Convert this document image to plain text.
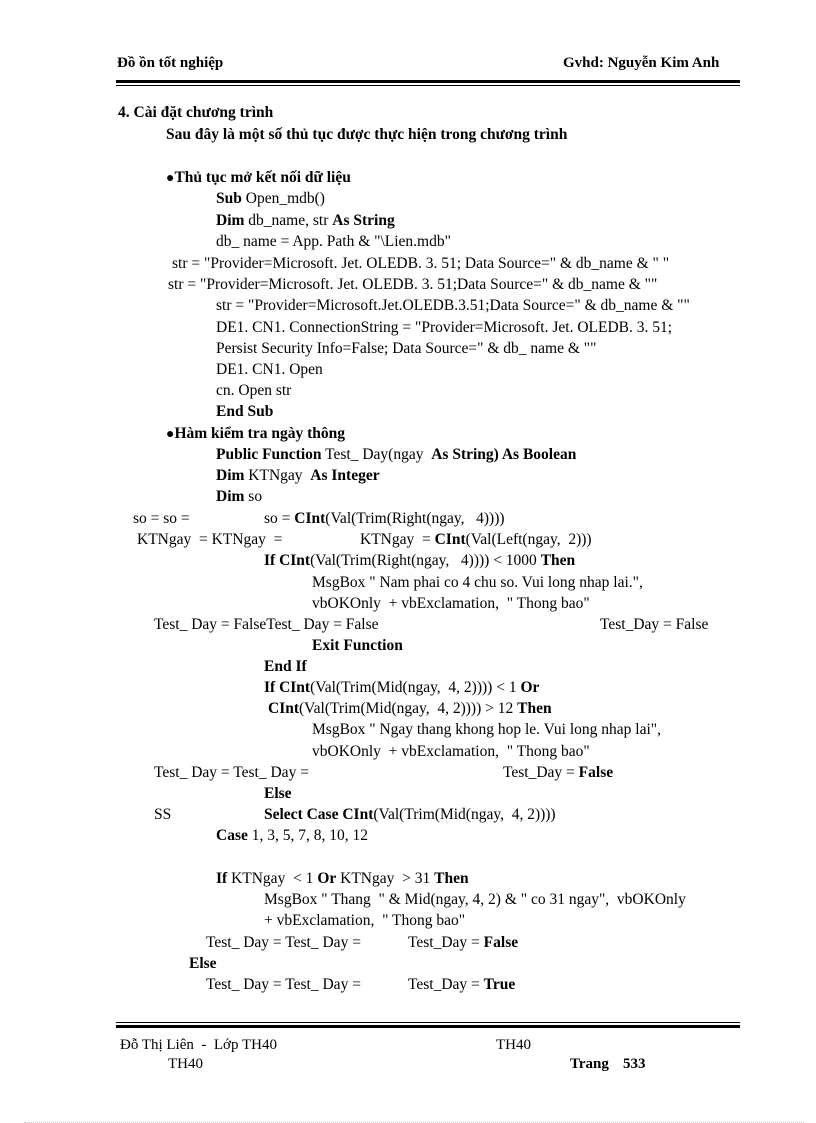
Đồ ồn tốt nghiệp	Gvhd: Nguyễn Kim Anh
4. Cài đặt chương trình
Sau đây là một số thủ tục được thực hiện trong chương trình
●Thủ tục mở kết nối dữ liệu
Sub Open_mdb()
Dim db_name, str As String
db_ name = App. Path & "\Lien.mdb"
str = "Provider=Microsoft. Jet. OLEDB. 3. 51; Data Source=" & db_name & " "
str = "Provider=Microsoft. Jet. OLEDB. 3. 51;Data Source=" & db_name & ""
str = "Provider=Microsoft.Jet.OLEDB.3.51;Data Source=" & db_name & ""
DE1. CN1. ConnectionString = "Provider=Microsoft. Jet. OLEDB. 3. 51;
Persist Security Info=False; Data Source=" & db_ name & ""
DE1. CN1. Open
cn. Open str
End Sub
●Hàm kiểm tra ngày thông
Public Function Test_ Day(ngay  As String) As Boolean
Dim KTNgay  As Integer
Dim so
so = so =	so = CInt(Val(Trim(Right(ngay,   4))))
KTNgay  = KTNgay  =	KTNgay  = CInt(Val(Left(ngay,  2)))
If CInt(Val(Trim(Right(ngay,   4)))) < 1000 Then
MsgBox " Nam phai co 4 chu so. Vui long nhap lai.",
vbOKOnly  + vbExclamation,  " Thong bao"
Test_ Day = FalseTest_ Day = False	Test_Day = False
Exit Function
End If
If CInt(Val(Trim(Mid(ngay,  4, 2)))) < 1 Or
CInt(Val(Trim(Mid(ngay,  4, 2)))) > 12 Then
MsgBox " Ngay thang khong hop le. Vui long nhap lai",
vbOKOnly  + vbExclamation,  " Thong bao"
Test_ Day = Test_ Day =	Test_Day = False
Else
SS	Select Case CInt(Val(Trim(Mid(ngay,  4, 2))))
Case 1, 3, 5, 7, 8, 10, 12
If KTNgay  < 1 Or KTNgay  > 31 Then
MsgBox " Thang  " & Mid(ngay, 4, 2) & " co 31 ngay",  vbOKOnly
+ vbExclamation,  " Thong bao"
Test_ Day = Test_ Day =	Test_Day = False
Else
Test_ Day = Test_ Day =	Test_Day = True
Đỗ Thị Liên  -  Lớp TH40	TH40
TH40	Trang 533
